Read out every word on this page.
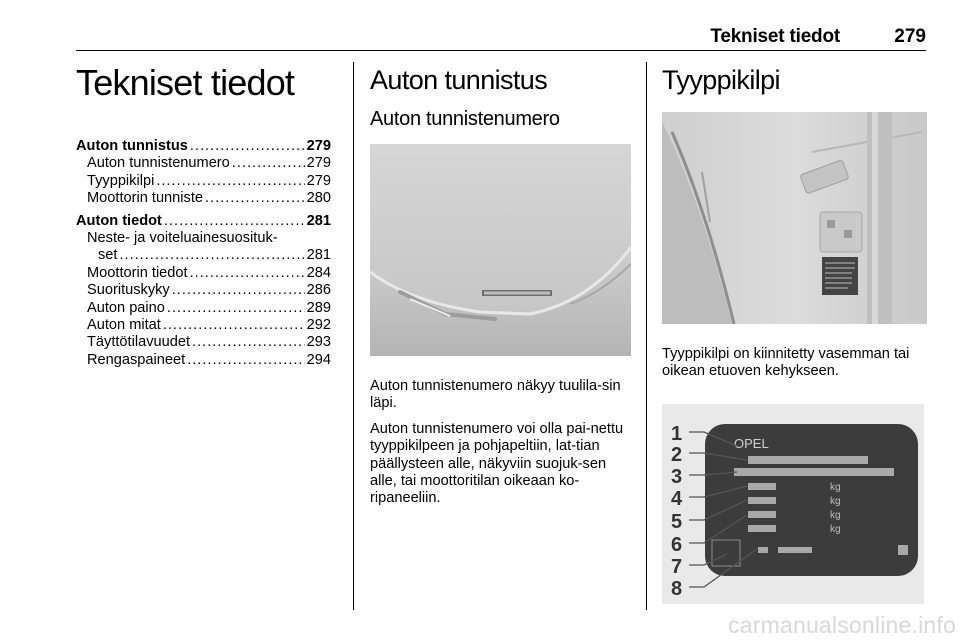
Tekniset tiedot	279
Tekniset tiedot
Auton tunnistus .....	279
Auton tunnistenumero .....	279
Tyyppikilpi .....	279
Moottorin tunniste .....	280
Auton tiedot .....	281
Neste- ja voiteluainesuosituk-
set .....	281
Moottorin tiedot .....	284
Suorituskyky .....	286
Auton paino .....	289
Auton mitat .....	292
Täyttötilavuudet .....	293
Rengaspaineet .....	294
Auton tunnistus
Auton tunnistenumero

Auton tunnistenumero näkyy tuulila-sin läpi.

Auton tunnistenumero voi olla pai-nettu tyyppikilpeen ja pohjapeltiin, lat-tian päällysteen alle, näkyviin suojuk-sen alle, tai moottoritilan oikeaan ko-ripaneeliin.

Tyyppikilpi

Tyyppikilpi on kiinnitetty vasemman tai oikean etuoven kehykseen.

OPEL
kg
kg
kg
kg
1
2
3
4
5
6
7
8
carmanualsonline.info
